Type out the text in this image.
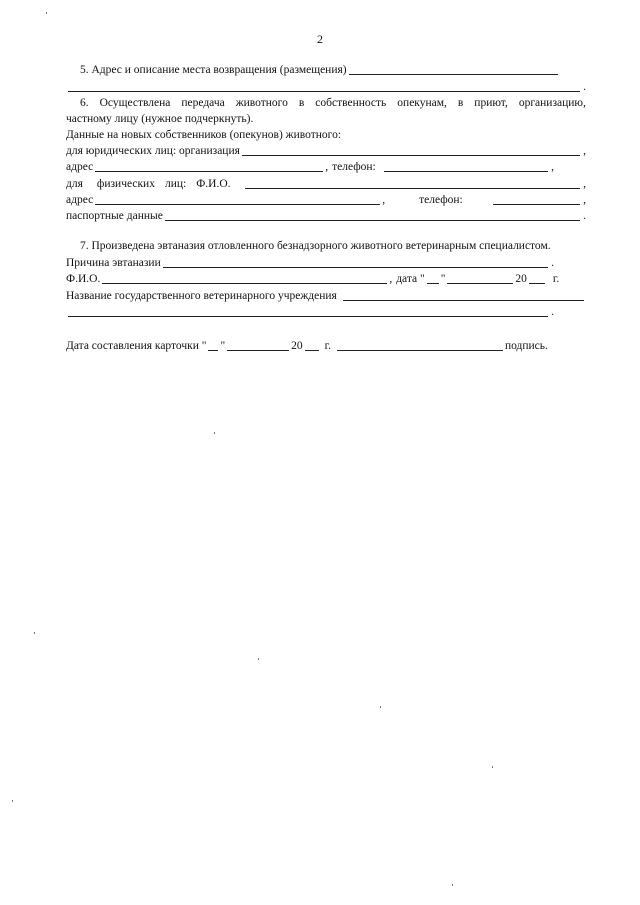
2
5. Адрес и описание места возвращения (размещения)
.
6. Осуществлена передача животного в собственность опекунам, в приют, организацию,
частному лицу (нужное подчеркнуть).
Данные на новых собственников (опекунов) животного:
для юридических лиц: организация	,
адрес	, телефон:	,
для физических лиц: Ф.И.О.	,
адрес	,	телефон:	,
паспортные данные	.
7. Произведена эвтаназия отловленного безнадзорного животного ветеринарным специалистом.
Причина эвтаназии	.
Ф.И.О.	, дата " "	20 г.
Название государственного ветеринарного учреждения
.
Дата составления карточки " "	20 г.	подпись.
